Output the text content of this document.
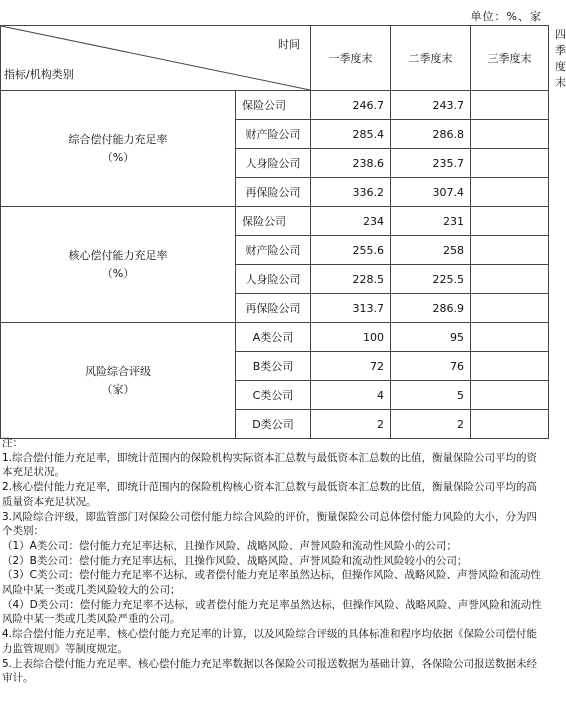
单位：%、家
时间
指标/机构类别		一季度末	二季度末	三季度末	四季度末

综合偿付能力充足率
（%）	保险公司	246.7	243.7		
	财产险公司	285.4	286.8		
	人身险公司	238.6	235.7		
	再保险公司	336.2	307.4		

核心偿付能力充足率
（%）	保险公司	234	231		
	财产险公司	255.6	258		
	人身险公司	228.5	225.5		
	再保险公司	313.7	286.9		

风险综合评级
（家）	A类公司	100	95		
	B类公司	72	76		
	C类公司	4	5		
	D类公司	2	2		

注：

1.综合偿付能力充足率，即统计范围内的保险机构实际资本汇总数与最低资本汇总数的比值，衡量保险公司平均的资本充足状况。

2.核心偿付能力充足率，即统计范围内的保险机构核心资本汇总数与最低资本汇总数的比值，衡量保险公司平均的高质量资本充足状况。

3.风险综合评级，即监管部门对保险公司偿付能力综合风险的评价，衡量保险公司总体偿付能力风险的大小，分为四个类别：

（1）A类公司：偿付能力充足率达标，且操作风险、战略风险、声誉风险和流动性风险小的公司；

（2）B类公司：偿付能力充足率达标，且操作风险、战略风险、声誉风险和流动性风险较小的公司；

（3）C类公司：偿付能力充足率不达标，或者偿付能力充足率虽然达标，但操作风险、战略风险、声誉风险和流动性风险中某一类或几类风险较大的公司；

（4）D类公司：偿付能力充足率不达标，或者偿付能力充足率虽然达标，但操作风险、战略风险、声誉风险和流动性风险中某一类或几类风险严重的公司。

4.综合偿付能力充足率、核心偿付能力充足率的计算，以及风险综合评级的具体标准和程序均依据《保险公司偿付能力监管规则》等制度规定。

5.上表综合偿付能力充足率、核心偿付能力充足率数据以各保险公司报送数据为基础计算，各保险公司报送数据未经审计。
